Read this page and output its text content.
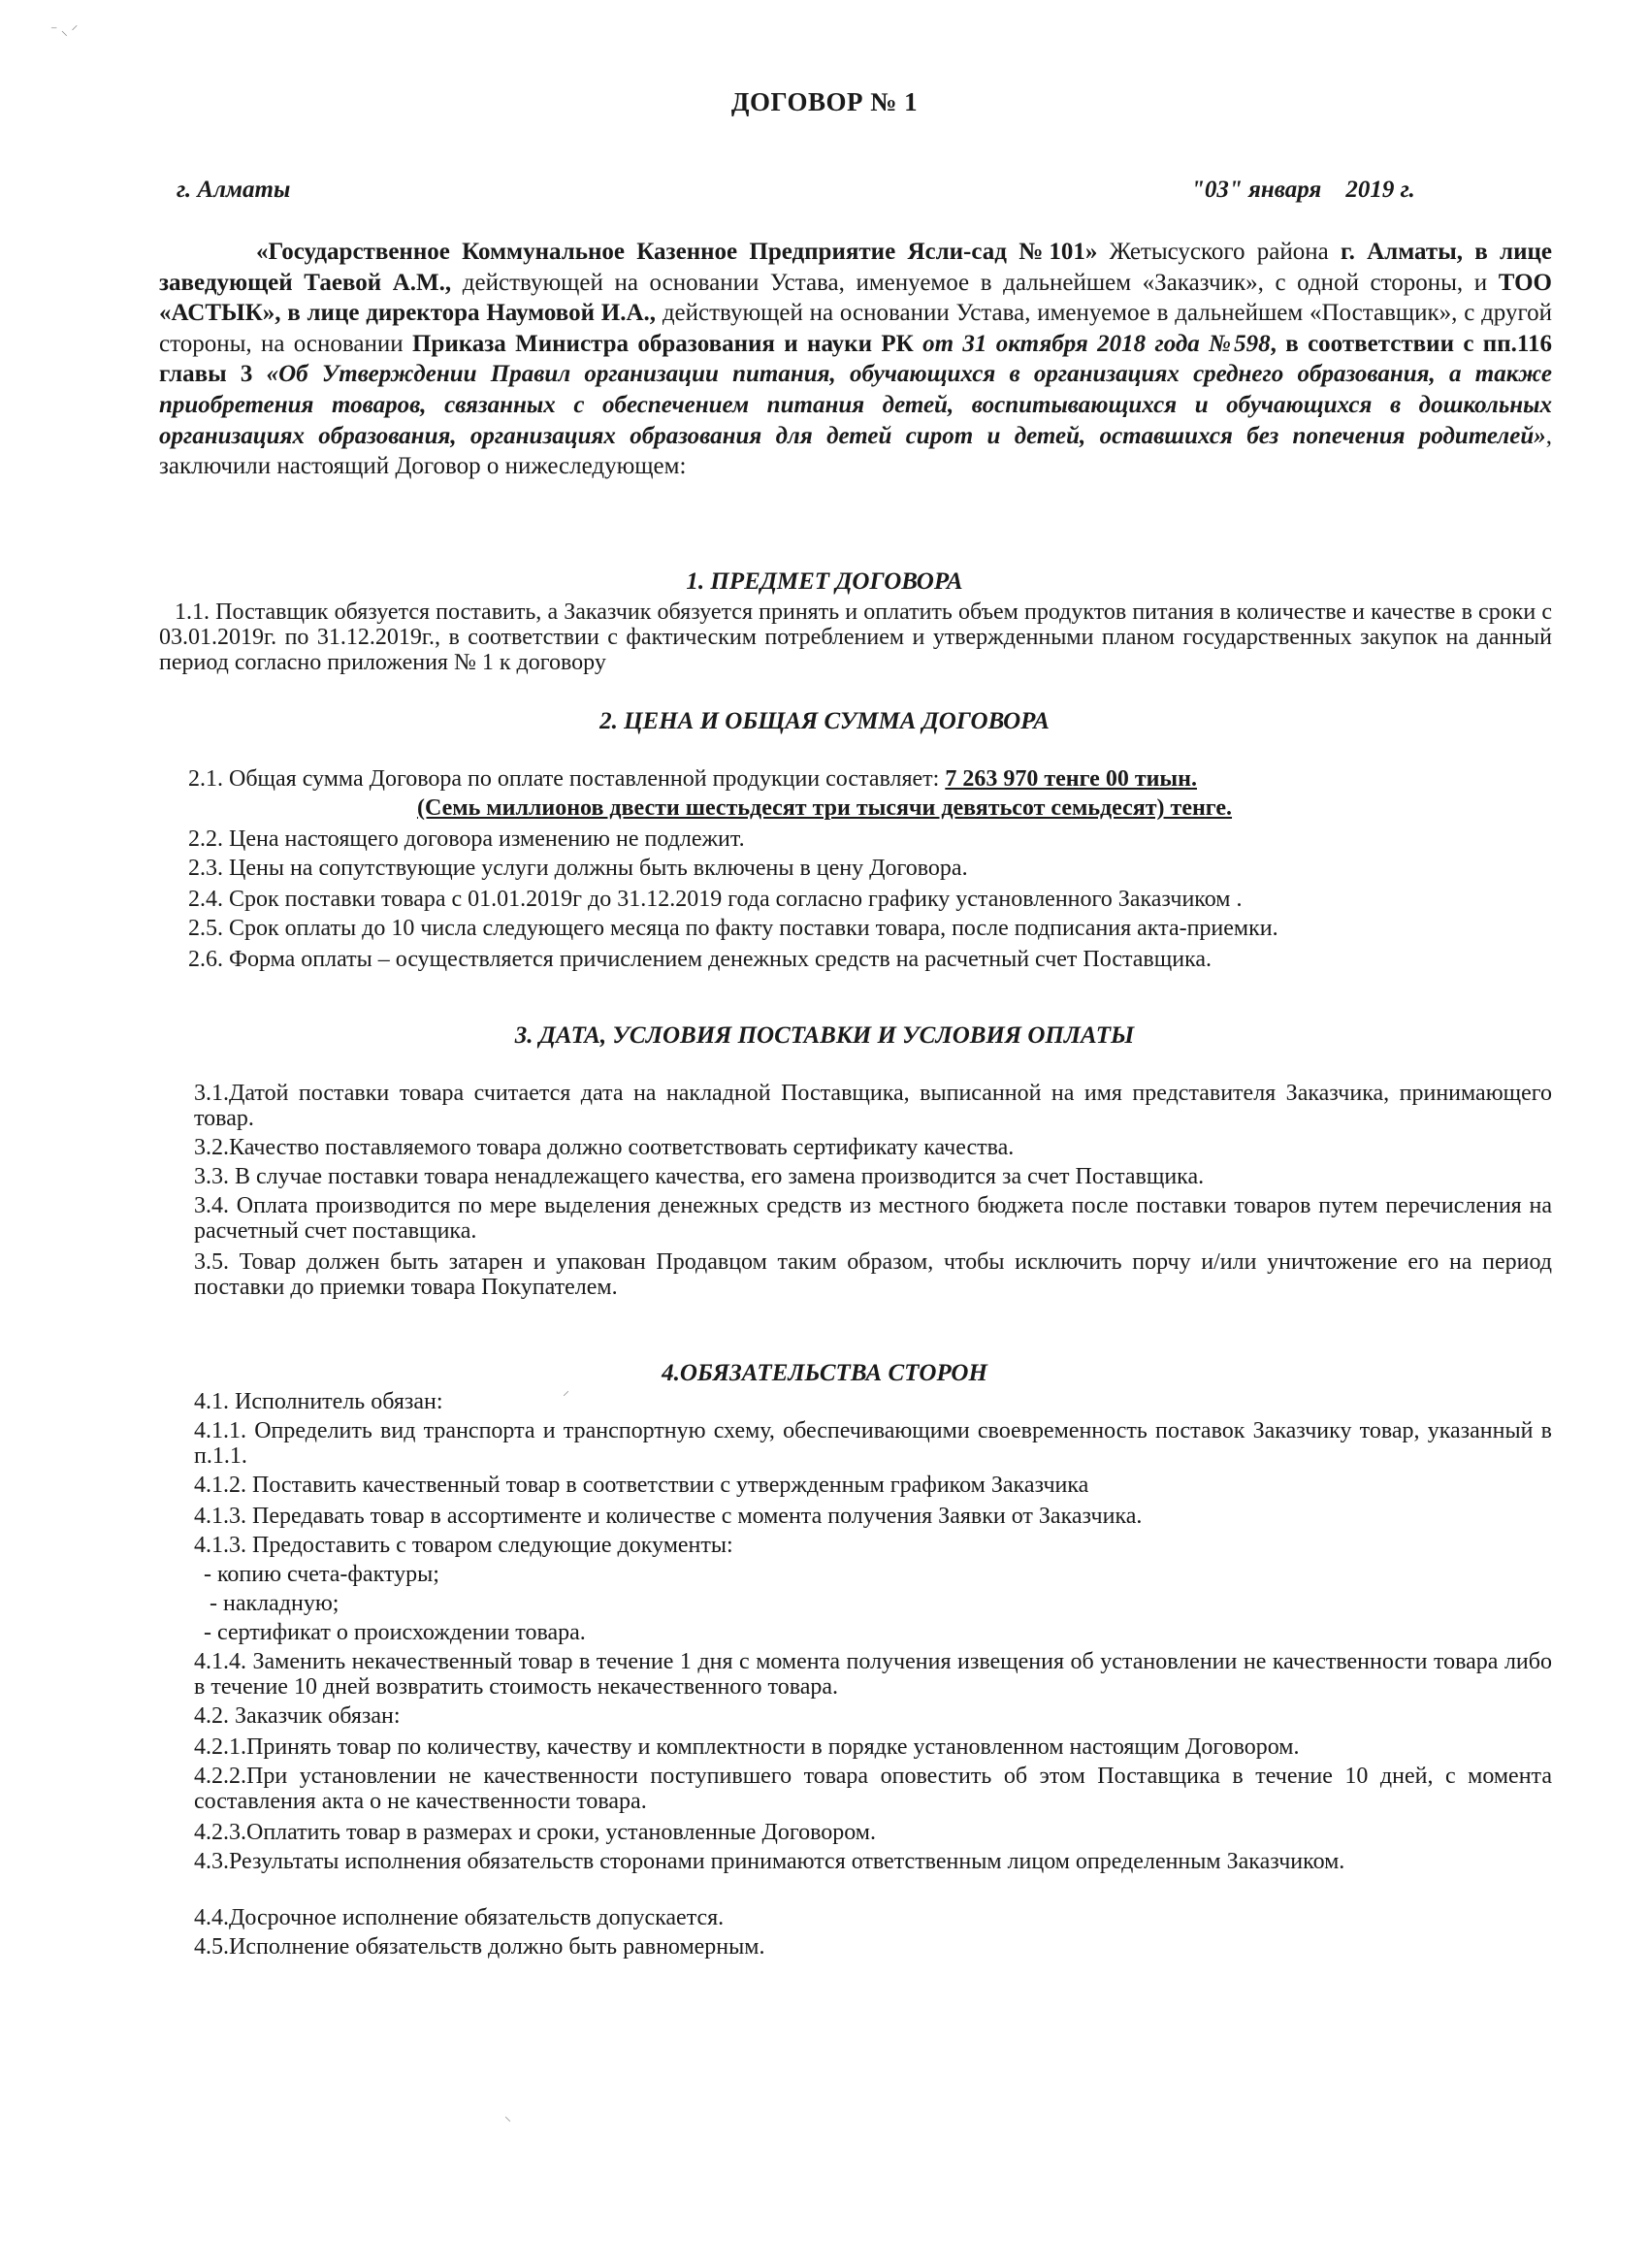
⁻ ⸜ ⸍
⸝
⸜
ДОГОВОР № 1
г. Алматы	"03" января    2019 г.
«Государственное Коммунальное Казенное Предприятие Ясли-сад №101» Жетысуского района г. Алматы, в лице заведующей Таевой А.М., действующей на основании Устава, именуемое в дальнейшем «Заказчик», с одной стороны, и ТОО «АСТЫК», в лице директора Наумовой И.А., действующей на основании Устава, именуемое в дальнейшем «Поставщик», с другой стороны, на основании Приказа Министра образования и науки РК от 31 октября 2018 года №598, в соответствии с пп.116 главы 3 «Об Утверждении Правил организации питания, обучающихся в организациях среднего образования, а также приобретения товаров, связанных с обеспечением питания детей, воспитывающихся и обучающихся в дошкольных организациях образования, организациях образования для детей сирот и детей, оставшихся без попечения родителей», заключили настоящий Договор о нижеследующем:
1. ПРЕДМЕТ ДОГОВОРА
1.1. Поставщик обязуется поставить, а Заказчик обязуется принять и оплатить объем продуктов питания в количестве и качестве в сроки с 03.01.2019г. по 31.12.2019г., в соответствии с фактическим потреблением и утвержденными планом государственных закупок на данный период согласно приложения № 1 к договору
2. ЦЕНА И ОБЩАЯ СУММА ДОГОВОРА
2.1. Общая сумма Договора по оплате поставленной продукции составляет: 7 263 970 тенге 00 тиын.
(Семь миллионов двести шестьдесят три тысячи девятьсот семьдесят) тенге.
2.2. Цена настоящего договора изменению не подлежит.
2.3. Цены на сопутствующие услуги должны быть включены в цену Договора.
2.4. Срок поставки товара с 01.01.2019г до 31.12.2019 года согласно графику установленного Заказчиком .
2.5. Срок оплаты до 10 числа следующего месяца по факту поставки товара, после подписания акта-приемки.
2.6. Форма оплаты – осуществляется причислением денежных средств на расчетный счет Поставщика.
3. ДАТА, УСЛОВИЯ ПОСТАВКИ И УСЛОВИЯ ОПЛАТЫ
3.1.Датой поставки товара считается дата на накладной Поставщика, выписанной на имя представителя Заказчика, принимающего товар.
3.2.Качество поставляемого товара должно соответствовать сертификату качества.
3.3. В случае поставки товара ненадлежащего качества, его замена производится за счет Поставщика.
3.4. Оплата производится по мере выделения денежных средств из местного бюджета после поставки товаров путем перечисления на расчетный счет поставщика.
3.5. Товар должен быть затарен и упакован Продавцом таким образом, чтобы исключить порчу и/или уничтожение его на период поставки до приемки товара Покупателем.
4.ОБЯЗАТЕЛЬСТВА СТОРОН
4.1. Исполнитель обязан:
4.1.1. Определить вид транспорта и транспортную схему, обеспечивающими своевременность поставок Заказчику товар, указанный в п.1.1.
4.1.2. Поставить качественный товар в соответствии с утвержденным графиком Заказчика
4.1.3. Передавать товар в ассортименте и количестве с момента получения Заявки от Заказчика.
4.1.3. Предоставить с товаром следующие документы:
- копию счета-фактуры;
- накладную;
- сертификат о происхождении товара.
4.1.4. Заменить некачественный товар в течение 1 дня с момента получения извещения об установлении не качественности товара либо в течение 10 дней возвратить стоимость некачественного товара.
4.2. Заказчик обязан:
4.2.1.Принять товар по количеству, качеству и комплектности в порядке установленном настоящим Договором.
4.2.2.При установлении не качественности поступившего товара оповестить об этом Поставщика в течение 10 дней, с момента составления акта о не качественности товара.
4.2.3.Оплатить товар в размерах и сроки, установленные Договором.
4.3.Результаты исполнения обязательств сторонами принимаются ответственным лицом определенным Заказчиком.
4.4.Досрочное исполнение обязательств допускается.
4.5.Исполнение обязательств должно быть равномерным.
